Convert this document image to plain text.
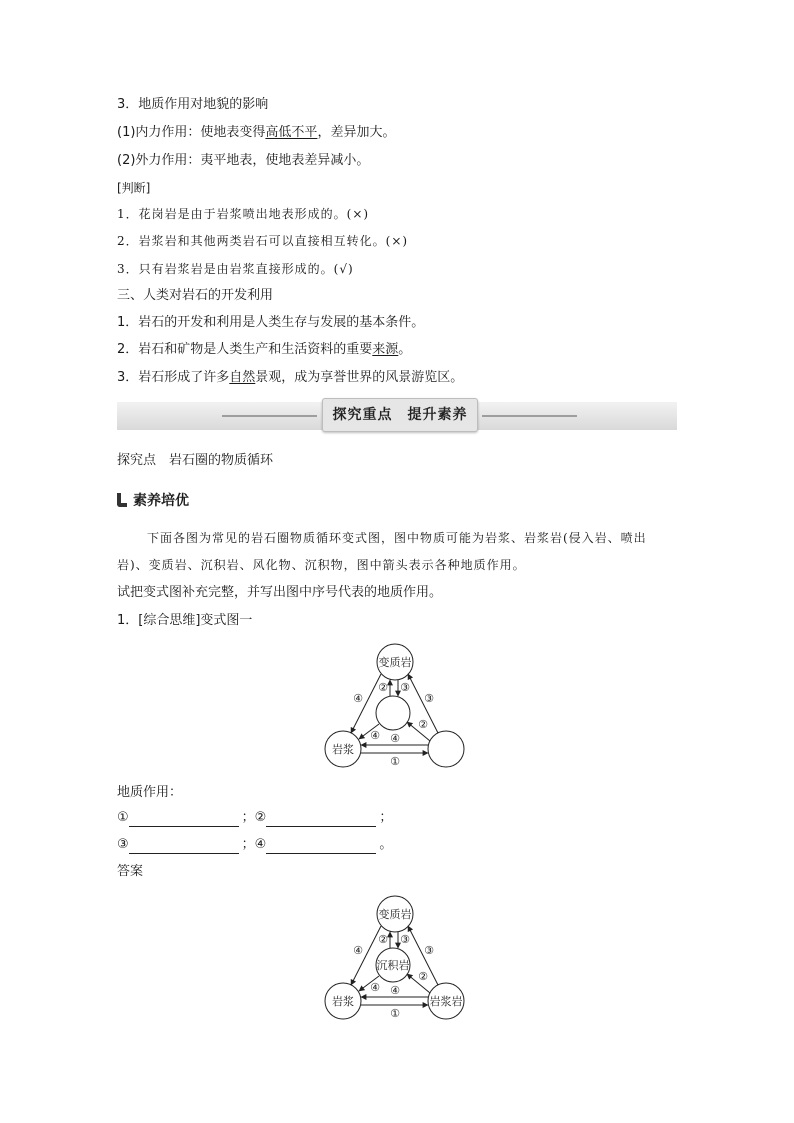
3．地质作用对地貌的影响
(1)内力作用：使地表变得高低不平，差异加大。
(2)外力作用：夷平地表，使地表差异减小。
[判断]
1．花岗岩是由于岩浆喷出地表形成的。(×)
2．岩浆岩和其他两类岩石可以直接相互转化。(×)
3．只有岩浆岩是由岩浆直接形成的。(√)
三、人类对岩石的开发利用
1．岩石的开发和利用是人类生存与发展的基本条件。
2．岩石和矿物是人类生产和生活资料的重要来源。
3．岩石形成了许多自然景观，成为享誉世界的风景游览区。
探究重点　提升素养
探究点　岩石圈的物质循环
素养培优
下面各图为常见的岩石圈物质循环变式图，图中物质可能为岩浆、岩浆岩(侵入岩、喷出
岩)、变质岩、沉积岩、风化物、沉积物，图中箭头表示各种地质作用。
试把变式图补充完整，并写出图中序号代表的地质作用。
1．[综合思维]变式图一
变质岩
岩浆
④
② ③
③
②
④ ④
①
地质作用：
①	；②	；
③	；④	。
答案
变质岩
沉积岩
岩浆	岩浆岩
④
② ③
③
②
④ ④
①
